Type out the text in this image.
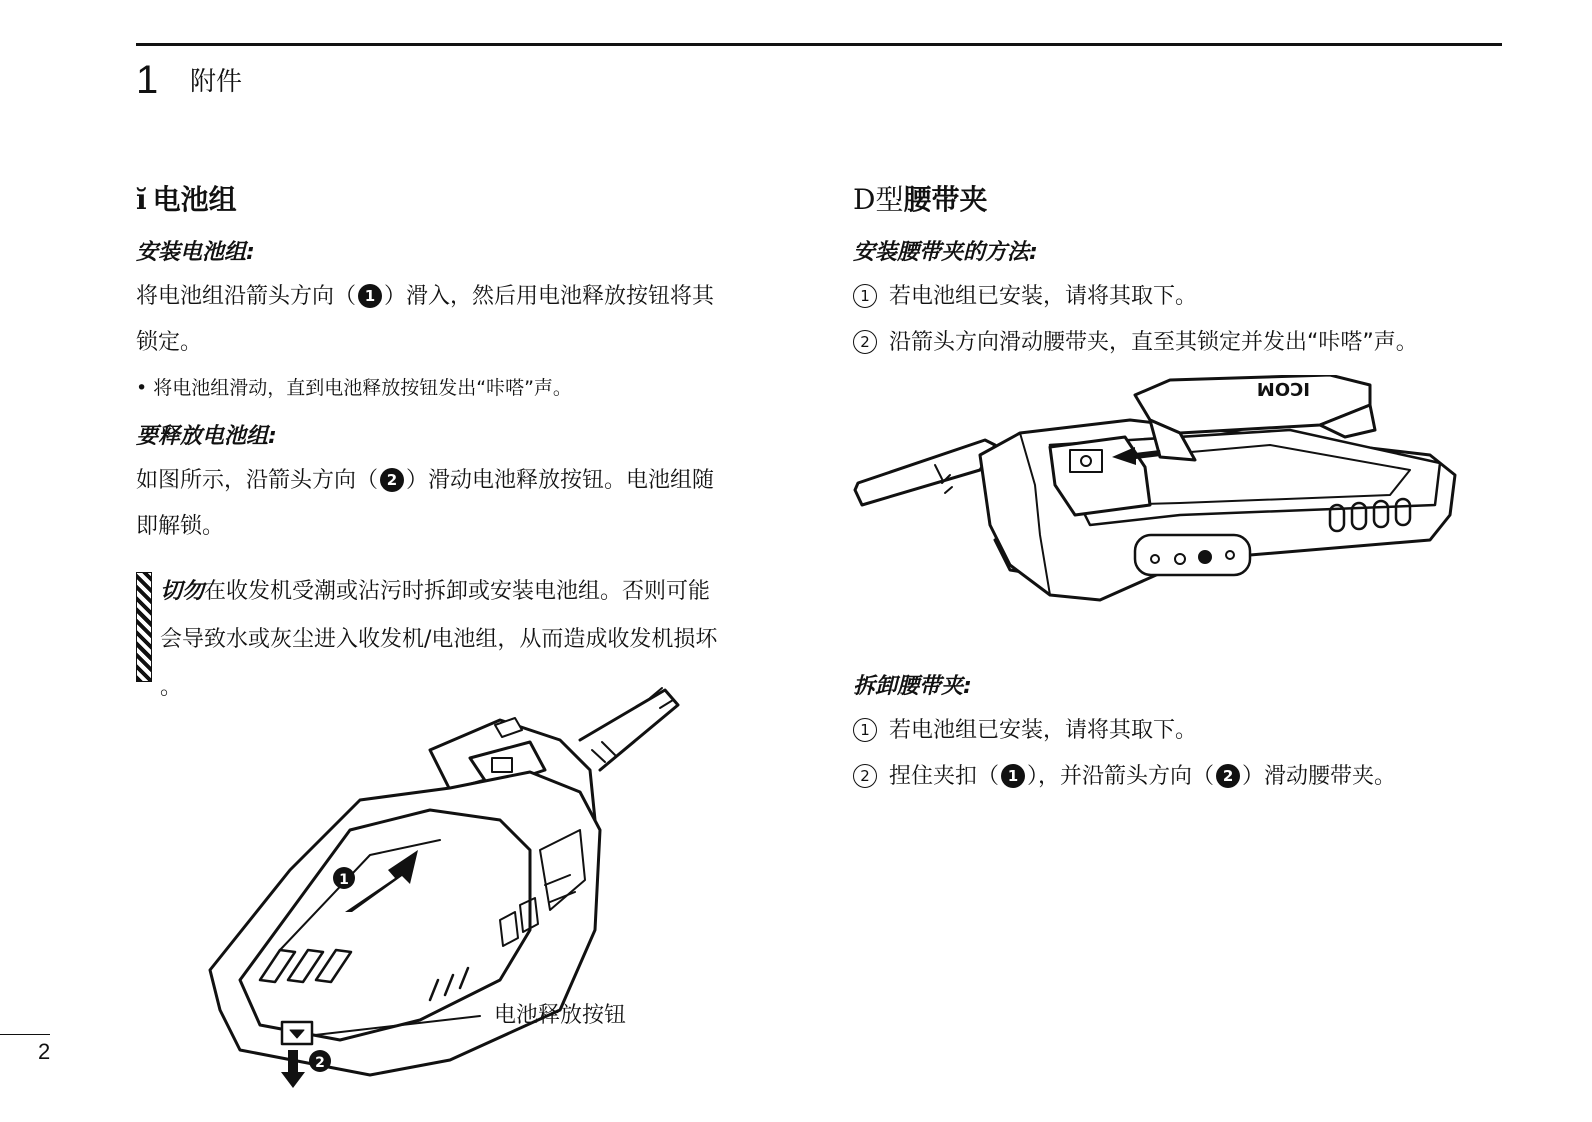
1 附件
ĭ 电池组
安装电池组:
将电池组沿箭头方向（ 1 ）滑入，然后用电池释放按钮将其
锁定。
• 将电池组滑动，直到电池释放按钮发出“咔嗒”声。
要释放电池组:
如图所示，沿箭头方向（ 2 ）滑动电池释放按钮。电池组随
即解锁。
切勿在收发机受潮或沾污时拆卸或安装电池组。否则可能
会导致水或灰尘进入收发机/电池组，从而造成收发机损坏
。
1
2
电池释放按钮
D型腰带夹
安装腰带夹的方法:
1 若电池组已安装，请将其取下。
2 沿箭头方向滑动腰带夹，直至其锁定并发出“咔嗒”声。
拆卸腰带夹:
1 若电池组已安装，请将其取下。
2 捏住夹扣（ 1 ），并沿箭头方向（ 2 ）滑动腰带夹。
ICOM
2
